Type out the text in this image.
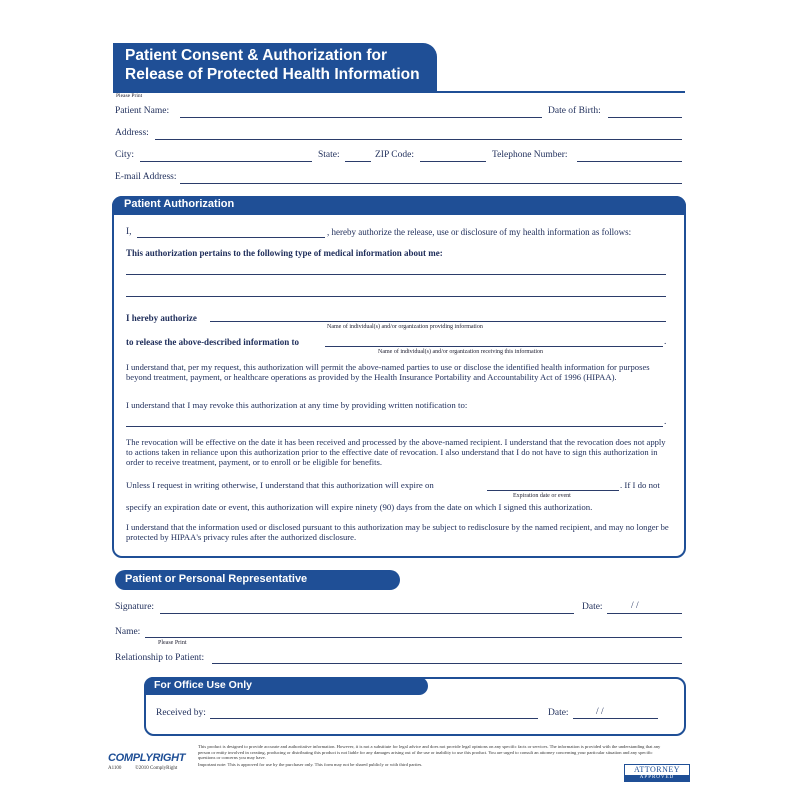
Patient Consent & Authorization for
Release of Protected Health Information
Please Print
Patient Name:	Date of Birth:
Address:
City:	State:	ZIP Code:	Telephone Number:
E-mail Address:
Patient Authorization
I,	, hereby authorize the release, use or disclosure of my health information as follows:
This authorization pertains to the following type of medical information about me:
I hereby authorize
Name of individual(s) and/or organization providing information
to release the above-described information to	.
Name of individual(s) and/or organization receiving this information
I understand that, per my request, this authorization will permit the above-named parties to use or disclose the identified health information for purposes beyond treatment, payment, or healthcare operations as provided by the Health Insurance Portability and Accountability Act of 1996 (HIPAA).
I understand that I may revoke this authorization at any time by providing written notification to:
.
The revocation will be effective on the date it has been received and processed by the above-named recipient. I understand that the revocation does not apply to actions taken in reliance upon this authorization prior to the effective date of revocation. I also understand that I do not have to sign this authorization in order to receive treatment, payment, or to enroll or be eligible for benefits.
Unless I request in writing otherwise, I understand that this authorization will expire on	. If I do not
Expiration date or event
specify an expiration date or event, this authorization will expire ninety (90) days from the date on which I signed this authorization.
I understand that the information used or disclosed pursuant to this authorization may be subject to redisclosure by the named recipient, and may no longer be protected by HIPAA's privacy rules after the authorized disclosure.
Patient or Personal Representative
Signature:	Date:	/ /
Name:
Please Print
Relationship to Patient:
For Office Use Only
Received by:	Date:	/ /
COMPLYRIGHT
A1100	©2010 ComplyRight
This product is designed to provide accurate and authoritative information. However, it is not a substitute for legal advice and does not provide legal opinions on any specific facts or services. The information is provided with the understanding that any person or entity involved in creating, producing or distributing this product is not liable for any damages arising out of the use or inability to use this product. You are urged to consult an attorney concerning your particular situation and any specific questions or concerns you may have.
Important note: This is approved for use by the purchaser only. This form may not be shared publicly or with third parties.
ATTORNEY
APPROVED
